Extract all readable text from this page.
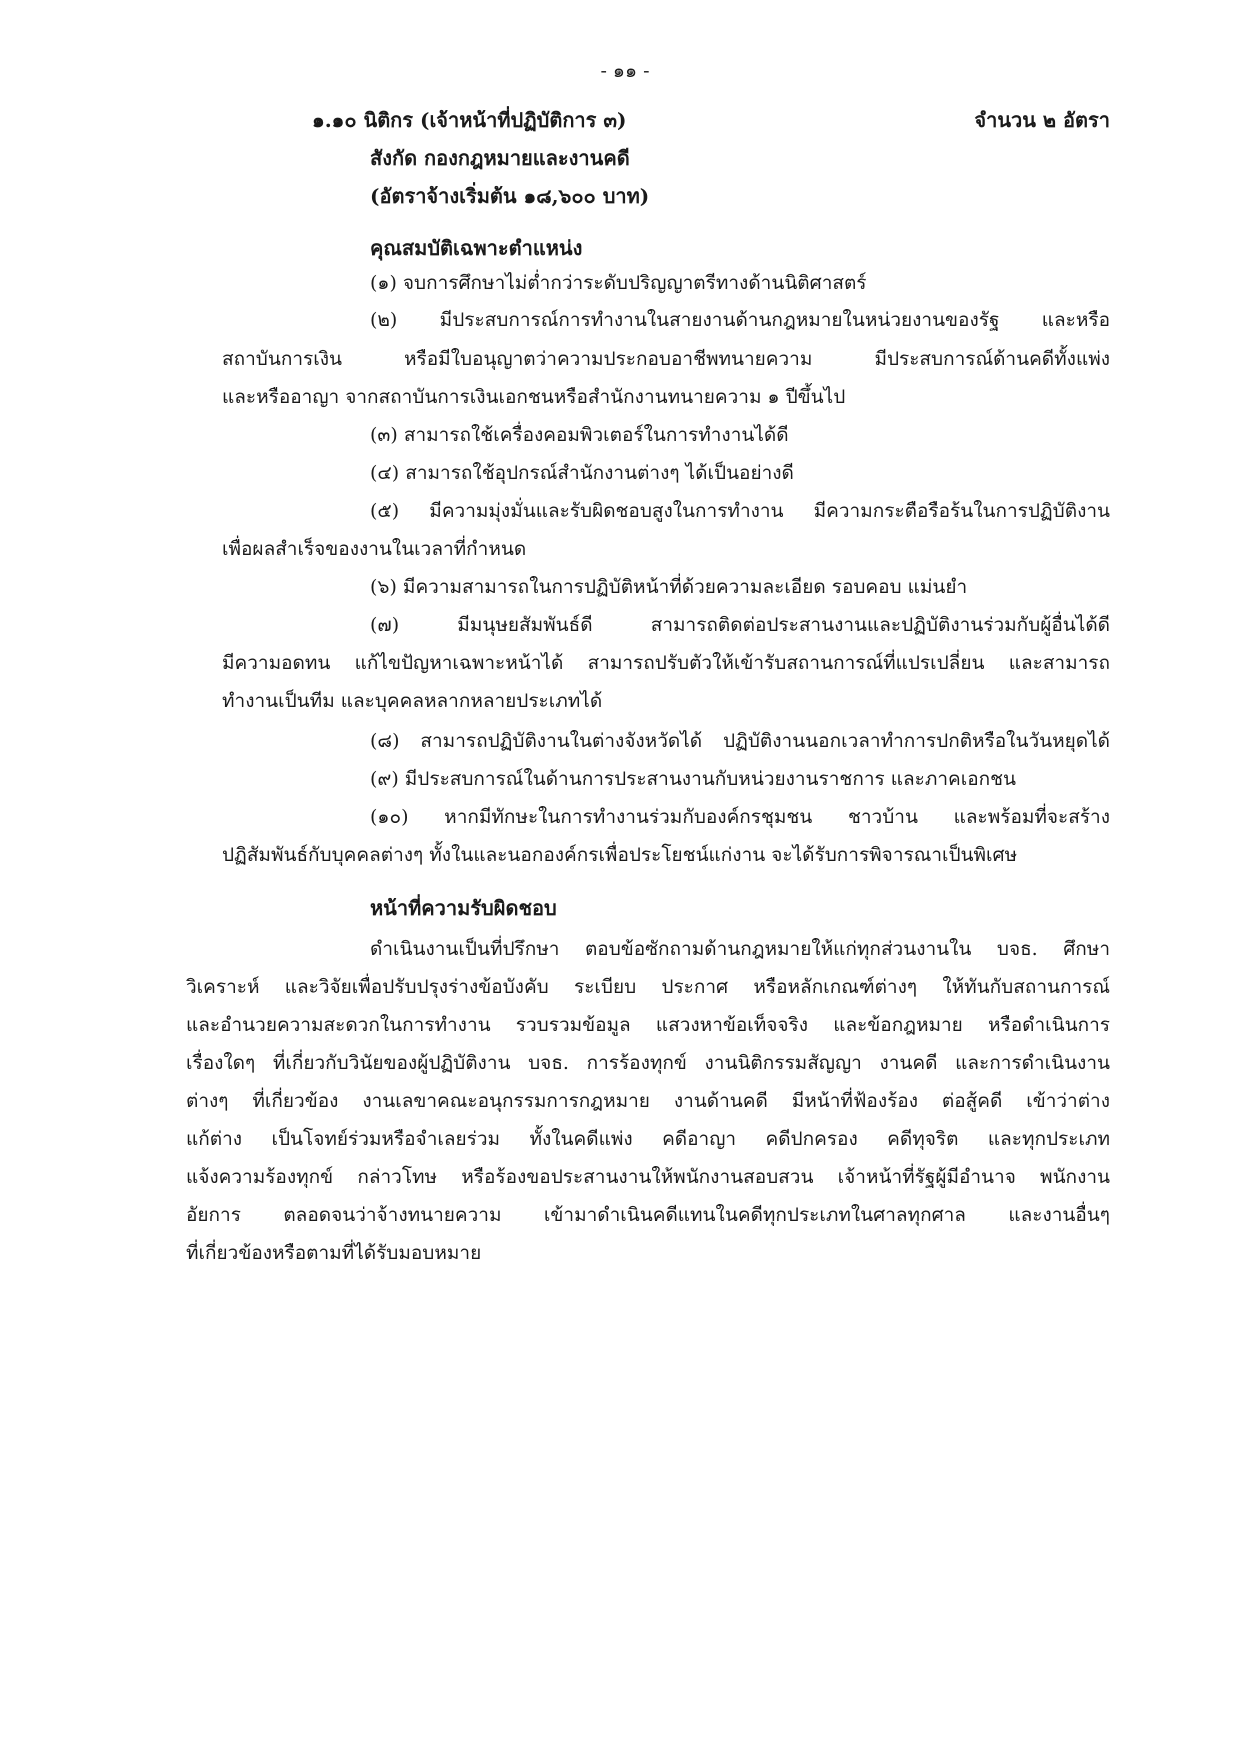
- ๑๑ -
๑.๑๐ นิติกร (เจ้าหน้าที่ปฏิบัติการ ๓)	จำนวน ๒ อัตรา
สังกัด กองกฎหมายและงานคดี
(อัตราจ้างเริ่มต้น ๑๘,๖๐๐ บาท)
คุณสมบัติเฉพาะตำแหน่ง
(๑) จบการศึกษาไม่ต่ำกว่าระดับปริญญาตรีทางด้านนิติศาสตร์
(๒) มีประสบการณ์การทำงานในสายงานด้านกฎหมายในหน่วยงานของรัฐ และหรือ
สถาบันการเงิน หรือมีใบอนุญาตว่าความประกอบอาชีพทนายความ มีประสบการณ์ด้านคดีทั้งแพ่ง
และหรืออาญา จากสถาบันการเงินเอกชนหรือสำนักงานทนายความ ๑ ปีขึ้นไป
(๓) สามารถใช้เครื่องคอมพิวเตอร์ในการทำงานได้ดี
(๔) สามารถใช้อุปกรณ์สำนักงานต่างๆ ได้เป็นอย่างดี
(๕) มีความมุ่งมั่นและรับผิดชอบสูงในการทำงาน มีความกระตือรือร้นในการปฏิบัติงาน
เพื่อผลสำเร็จของงานในเวลาที่กำหนด
(๖) มีความสามารถในการปฏิบัติหน้าที่ด้วยความละเอียด รอบคอบ แม่นยำ
(๗) มีมนุษยสัมพันธ์ดี สามารถติดต่อประสานงานและปฏิบัติงานร่วมกับผู้อื่นได้ดี
มีความอดทน แก้ไขปัญหาเฉพาะหน้าได้ สามารถปรับตัวให้เข้ารับสถานการณ์ที่แปรเปลี่ยน และสามารถ
ทำงานเป็นทีม และบุคคลหลากหลายประเภทได้
(๘) สามารถปฏิบัติงานในต่างจังหวัดได้ ปฏิบัติงานนอกเวลาทำการปกติหรือในวันหยุดได้
(๙) มีประสบการณ์ในด้านการประสานงานกับหน่วยงานราชการ และภาคเอกชน
(๑๐) หากมีทักษะในการทำงานร่วมกับองค์กรชุมชน ชาวบ้าน และพร้อมที่จะสร้าง
ปฏิสัมพันธ์กับบุคคลต่างๆ ทั้งในและนอกองค์กรเพื่อประโยชน์แก่งาน จะได้รับการพิจารณาเป็นพิเศษ
หน้าที่ความรับผิดชอบ
ดำเนินงานเป็นที่ปรึกษา ตอบข้อซักถามด้านกฎหมายให้แก่ทุกส่วนงานใน บจธ. ศึกษา
วิเคราะห์ และวิจัยเพื่อปรับปรุงร่างข้อบังคับ ระเบียบ ประกาศ หรือหลักเกณฑ์ต่างๆ ให้ทันกับสถานการณ์
และอำนวยความสะดวกในการทำงาน รวบรวมข้อมูล แสวงหาข้อเท็จจริง และข้อกฎหมาย หรือดำเนินการ
เรื่องใดๆ ที่เกี่ยวกับวินัยของผู้ปฏิบัติงาน บจธ. การร้องทุกข์ งานนิติกรรมสัญญา งานคดี และการดำเนินงาน
ต่างๆ ที่เกี่ยวข้อง งานเลขาคณะอนุกรรมการกฎหมาย งานด้านคดี มีหน้าที่ฟ้องร้อง ต่อสู้คดี เข้าว่าต่าง
แก้ต่าง เป็นโจทย์ร่วมหรือจำเลยร่วม ทั้งในคดีแพ่ง คดีอาญา คดีปกครอง คดีทุจริต และทุกประเภท
แจ้งความร้องทุกข์ กล่าวโทษ หรือร้องขอประสานงานให้พนักงานสอบสวน เจ้าหน้าที่รัฐผู้มีอำนาจ พนักงาน
อัยการ ตลอดจนว่าจ้างทนายความ เข้ามาดำเนินคดีแทนในคดีทุกประเภทในศาลทุกศาล และงานอื่นๆ
ที่เกี่ยวข้องหรือตามที่ได้รับมอบหมาย
